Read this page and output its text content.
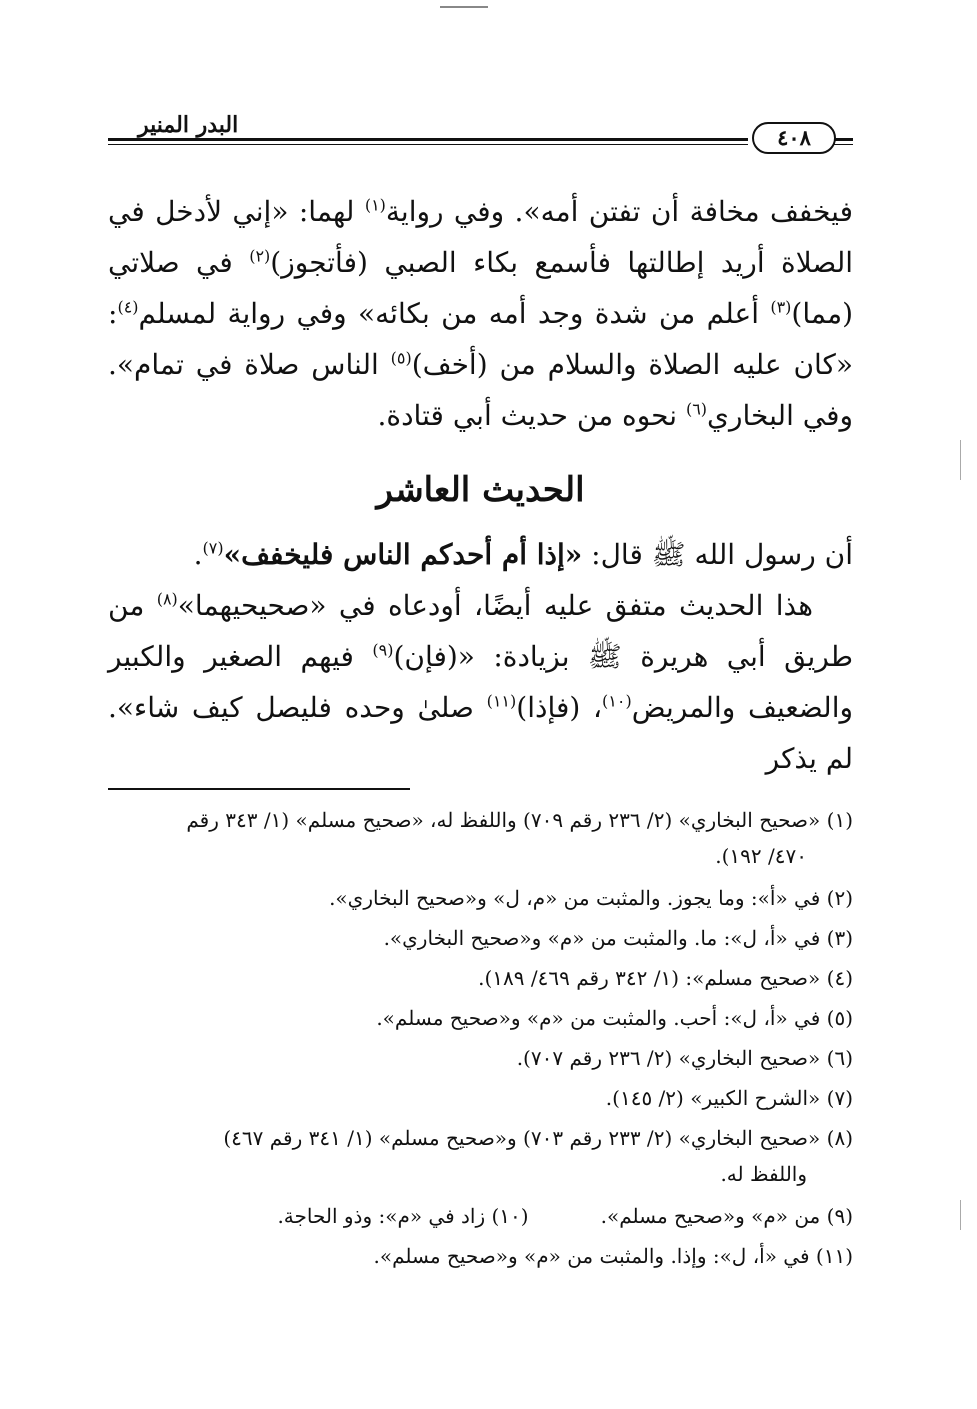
البدر المنير	٤٠٨

فيخفف مخافة أن تفتن أمه». وفي رواية$^{(١)}$ لهما: «إني لأدخل في الصلاة أريد إطالتها فأسمع بكاء الصبي (فأتجوز)$^{(٢)}$ في صلاتي (مما)$^{(٣)}$ أعلم من شدة وجد أمه من بكائه» وفي رواية لمسلم$^{(٤)}$: «كان عليه الصلاة والسلام من (أخف)$^{(٥)}$ الناس صلاة في تمام». وفي البخاري$^{(٦)}$ نحوه من حديث أبي قتادة.

الحديث العاشر

أن رسول الله ﷺ قال: «إذا أم أحدكم الناس فليخفف»$^{(٧)}$.

هذا الحديث متفق عليه أيضًا، أودعاه في «صحيحيهما»$^{(٨)}$ من طريق أبي هريرة ﷺ بزيادة: «(فإن)$^{(٩)}$ فيهم الصغير والكبير والضعيف والمريض$^{(١٠)}$، (فإذا)$^{(١١)}$ صلىٰ وحده فليصل كيف شاء». لم يذكر

(١) «صحيح البخاري» (٢/ ٢٣٦ رقم ٧٠٩) واللفظ له، «صحيح مسلم» (١/ ٣٤٣ رقم
٤٧٠/ ١٩٢).
(٢) في «أ»: وما يجوز. والمثبت من «م، ل» و«صحيح البخاري».
(٣) في «أ، ل»: ما. والمثبت من «م» و«صحيح البخاري».
(٤) «صحيح مسلم»: (١/ ٣٤٢ رقم ٤٦٩/ ١٨٩).
(٥) في «أ، ل»: أحب. والمثبت من «م» و«صحيح مسلم».
(٦) «صحيح البخاري» (٢/ ٢٣٦ رقم ٧٠٧).
(٧) «الشرح الكبير» (٢/ ١٤٥).
(٨) «صحيح البخاري» (٢/ ٢٣٣ رقم ٧٠٣) و«صحيح مسلم» (١/ ٣٤١ رقم ٤٦٧)
واللفظ له.
(٩) من «م» و«صحيح مسلم».
(١٠) زاد في «م»: وذو الحاجة.
(١١) في «أ، ل»: وإذا. والمثبت من «م» و«صحيح مسلم».
